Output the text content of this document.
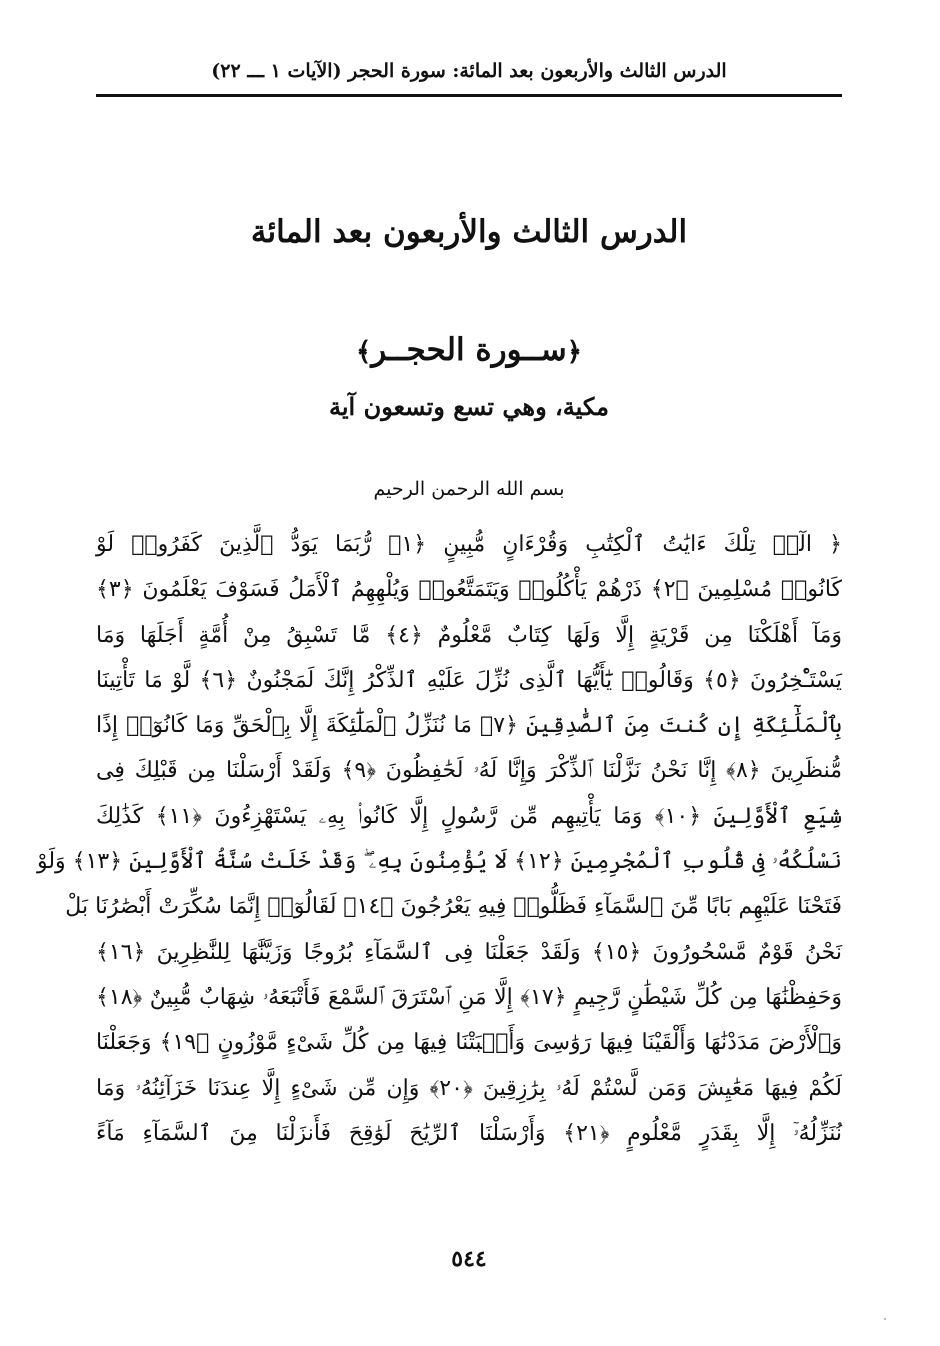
الدرس الثالث والأربعون بعد المائة: سورة الحجر (الآيات ١ ـــ ٢٢)
الدرس الثالث والأربعون بعد المائة
﴿ســورة الحجــر﴾
مكية، وهي تسع وتسعون آية
بسم الله الرحمن الرحيم
﴿ الٓرۚ تِلْكَ ءَايَٰتُ ٱلْكِتَٰبِ وَقُرْءَانٍ مُّبِينٍ ﴿١﴾ رُّبَمَا يَوَدُّ ٱلَّذِينَ كَفَرُوا۟ لَوْ
كَانُوا۟ مُسْلِمِينَ ﴿٢﴾ ذَرْهُمْ يَأْكُلُوا۟ وَيَتَمَتَّعُوا۟ وَيُلْهِهِمُ ٱلْأَمَلُ فَسَوْفَ يَعْلَمُونَ ﴿٣﴾
وَمَآ أَهْلَكْنَا مِن قَرْيَةٍ إِلَّا وَلَهَا كِتَابٌ مَّعْلُومٌ ﴿٤﴾ مَّا تَسْبِقُ مِنْ أُمَّةٍ أَجَلَهَا وَمَا
يَسْتَـْٔخِرُونَ ﴿٥﴾ وَقَالُوا۟ يَٰٓأَيُّهَا ٱلَّذِى نُزِّلَ عَلَيْهِ ٱلذِّكْرُ إِنَّكَ لَمَجْنُونٌ ﴿٦﴾ لَّوْ مَا تَأْتِينَا
بِٱلْمَلَٰٓئِكَةِ إِن كُنتَ مِنَ ٱلصَّٰدِقِينَ ﴿٧﴾ مَا نُنَزِّلُ ٱلْمَلَٰٓئِكَةَ إِلَّا بِٱلْحَقِّ وَمَا كَانُوٓا۟ إِذًا
مُّنظَرِينَ ﴿٨﴾ إِنَّا نَحْنُ نَزَّلْنَا ٱلذِّكْرَ وَإِنَّا لَهُۥ لَحَٰفِظُونَ ﴿٩﴾ وَلَقَدْ أَرْسَلْنَا مِن قَبْلِكَ فِى
شِيَعِ ٱلْأَوَّلِينَ ﴿١٠﴾ وَمَا يَأْتِيهِم مِّن رَّسُولٍ إِلَّا كَانُوا۟ بِهِۦ يَسْتَهْزِءُونَ ﴿١١﴾ كَذَٰلِكَ
نَسْلُكُهُۥ فِى قُلُوبِ ٱلْمُجْرِمِينَ ﴿١٢﴾ لَا يُؤْمِنُونَ بِهِۦ ۖ وَقَدْ خَلَتْ سُنَّةُ ٱلْأَوَّلِينَ ﴿١٣﴾ وَلَوْ
فَتَحْنَا عَلَيْهِم بَابًا مِّنَ ٱلسَّمَآءِ فَظَلُّوا۟ فِيهِ يَعْرُجُونَ ﴿١٤﴾ لَقَالُوٓا۟ إِنَّمَا سُكِّرَتْ أَبْصَٰرُنَا بَلْ
نَحْنُ قَوْمٌ مَّسْحُورُونَ ﴿١٥﴾ وَلَقَدْ جَعَلْنَا فِى ٱلسَّمَآءِ بُرُوجًا وَزَيَّنَّٰهَا لِلنَّٰظِرِينَ ﴿١٦﴾
وَحَفِظْنَٰهَا مِن كُلِّ شَيْطَٰنٍ رَّجِيمٍ ﴿١٧﴾ إِلَّا مَنِ ٱسْتَرَقَ ٱلسَّمْعَ فَأَتْبَعَهُۥ شِهَابٌ مُّبِينٌ ﴿١٨﴾
وَٱلْأَرْضَ مَدَدْنَٰهَا وَأَلْقَيْنَا فِيهَا رَوَٰسِىَ وَأَنۢبَتْنَا فِيهَا مِن كُلِّ شَىْءٍ مَّوْزُونٍ ﴿١٩﴾ وَجَعَلْنَا
لَكُمْ فِيهَا مَعَٰيِشَ وَمَن لَّسْتُمْ لَهُۥ بِرَٰزِقِينَ ﴿٢٠﴾ وَإِن مِّن شَىْءٍ إِلَّا عِندَنَا خَزَآئِنُهُۥ وَمَا
نُنَزِّلُهُۥٓ إِلَّا بِقَدَرٍ مَّعْلُومٍ ﴿٢١﴾ وَأَرْسَلْنَا ٱلرِّيَٰحَ لَوَٰقِحَ فَأَنزَلْنَا مِنَ ٱلسَّمَآءِ مَآءً
٥٤٤
